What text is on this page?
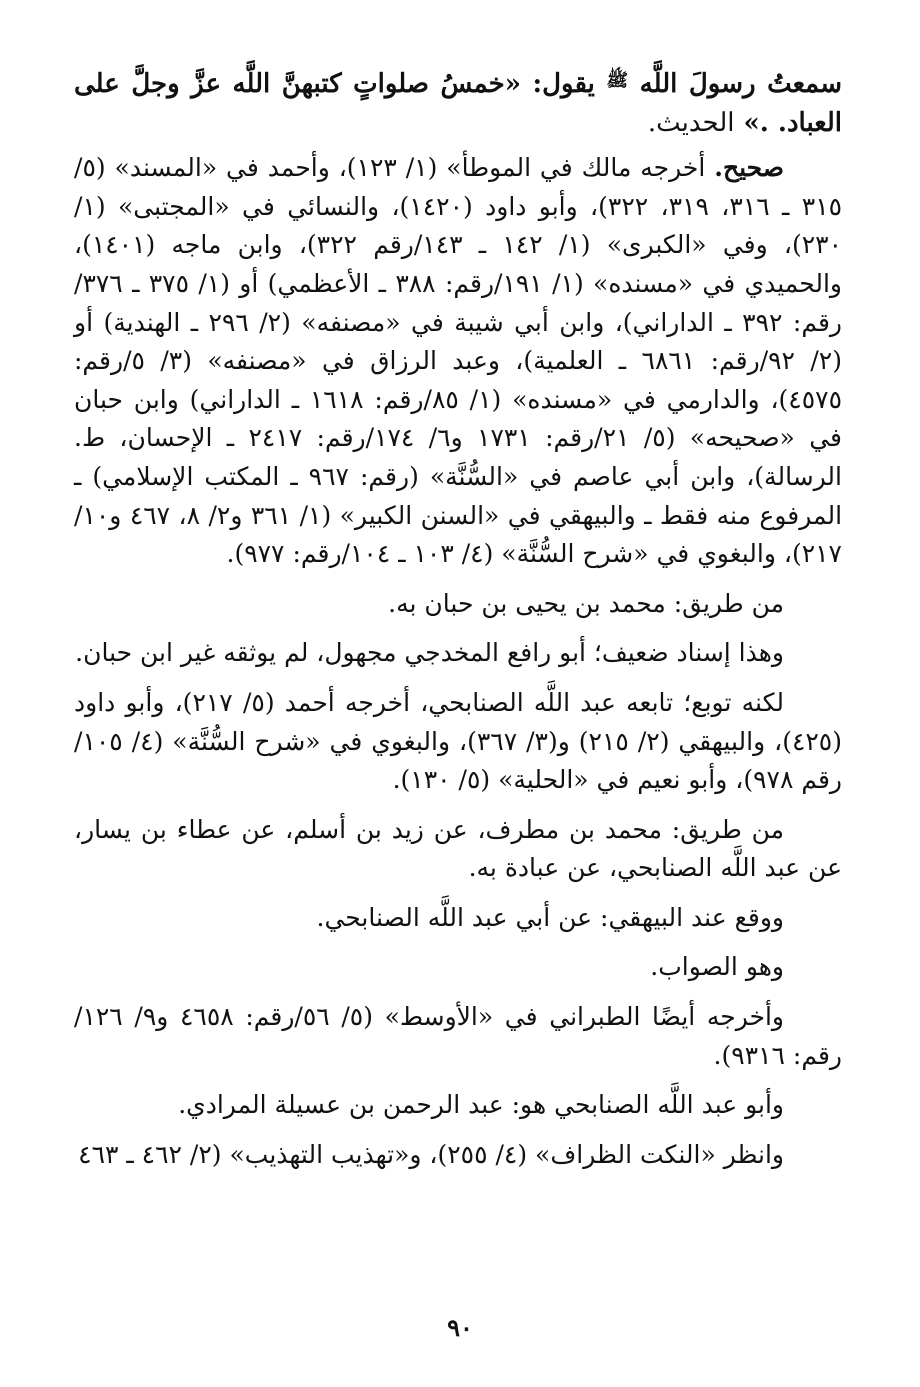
سمعتُ رسولَ اللَّه $^ﷺ$ يقول: «خمسُ صلواتٍ كتبهنَّ اللَّه عزَّ وجلَّ على العباد. .» الحديث.

صحيح. أخرجه مالك في الموطأ» (١/ ١٢٣)، وأحمد في «المسند» (٥/ ٣١٥ ـ ٣١٦، ٣١٩، ٣٢٢)، وأبو داود (١٤٢٠)، والنسائي في «المجتبى» (١/ ٢٣٠)، وفي «الكبرى» (١/ ١٤٢ ـ ١٤٣/رقم ٣٢٢)، وابن ماجه (١٤٠١)، والحميدي في «مسنده» (١/ ١٩١/رقم: ٣٨٨ ـ الأعظمي) أو (١/ ٣٧٥ ـ ٣٧٦/ رقم: ٣٩٢ ـ الداراني)، وابن أبي شيبة في «مصنفه» (٢/ ٢٩٦ ـ الهندية) أو (٢/ ٩٢/رقم: ٦٨٦١ ـ العلمية)، وعبد الرزاق في «مصنفه» (٣/ ٥/رقم: ٤٥٧٥)، والدارمي في «مسنده» (١/ ٨٥/رقم: ١٦١٨ ـ الداراني) وابن حبان في «صحيحه» (٥/ ٢١/رقم: ١٧٣١ و٦/ ١٧٤/رقم: ٢٤١٧ ـ الإحسان، ط. الرسالة)، وابن أبي عاصم في «السُّنَّة» (رقم: ٩٦٧ ـ المكتب الإسلامي) ـ المرفوع منه فقط ـ والبيهقي في «السنن الكبير» (١/ ٣٦١ و٢/ ٨، ٤٦٧ و١٠/ ٢١٧)، والبغوي في «شرح السُّنَّة» (٤/ ١٠٣ ـ ١٠٤/رقم: ٩٧٧).

من طريق: محمد بن يحيى بن حبان به.

وهذا إسناد ضعيف؛ أبو رافع المخدجي مجهول، لم يوثقه غير ابن حبان.

لكنه توبع؛ تابعه عبد اللَّه الصنابحي، أخرجه أحمد (٥/ ٢١٧)، وأبو داود (٤٢٥)، والبيهقي (٢/ ٢١٥) و(٣/ ٣٦٧)، والبغوي في «شرح السُّنَّة» (٤/ ١٠٥/ رقم ٩٧٨)، وأبو نعيم في «الحلية» (٥/ ١٣٠).

من طريق: محمد بن مطرف، عن زيد بن أسلم، عن عطاء بن يسار، عن عبد اللَّه الصنابحي، عن عبادة به.

ووقع عند البيهقي: عن أبي عبد اللَّه الصنابحي.

وهو الصواب.

وأخرجه أيضًا الطبراني في «الأوسط» (٥/ ٥٦/رقم: ٤٦٥٨ و٩/ ١٢٦/ رقم: ٩٣١٦).

وأبو عبد اللَّه الصنابحي هو: عبد الرحمن بن عسيلة المرادي.

وانظر «النكت الظراف» (٤/ ٢٥٥)، و«تهذيب التهذيب» (٢/ ٤٦٢ ـ ٤٦٣

٩٠
